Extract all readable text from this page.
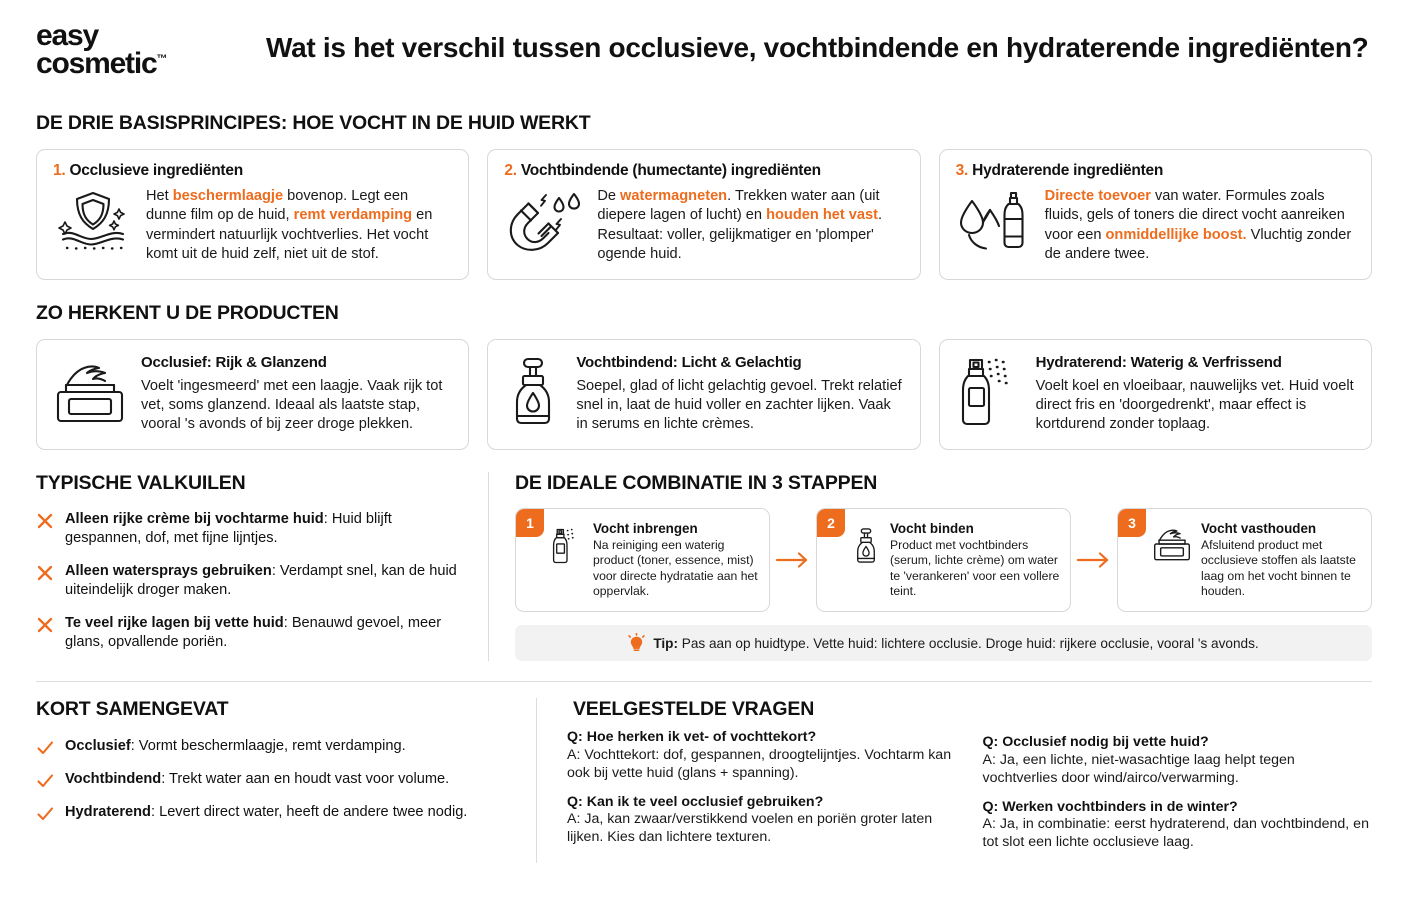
easy
cosmetic™	Wat is het verschil tussen occlusieve, vochtbindende en hydraterende ingrediënten?
DE DRIE BASISPRINCIPES: HOE VOCHT IN DE HUID WERKT
1. Occlusieve ingrediënten
Het beschermlaagje bovenop. Legt een dunne film op de huid, remt verdamping en vermindert natuurlijk vochtverlies. Het vocht komt uit de huid zelf, niet uit de stof.
2. Vochtbindende (humectante) ingrediënten
De watermagneten. Trekken water aan (uit diepere lagen of lucht) en houden het vast. Resultaat: voller, gelijkmatiger en 'plomper' ogende huid.
3. Hydraterende ingrediënten
Directe toevoer van water. Formules zoals fluids, gels of toners die direct vocht aanreiken voor een onmiddellijke boost. Vluchtig zonder de andere twee.
ZO HERKENT U DE PRODUCTEN
Occlusief: Rijk & Glanzend
Voelt 'ingesmeerd' met een laagje. Vaak rijk tot vet, soms glanzend. Ideaal als laatste stap, vooral 's avonds of bij zeer droge plekken.
Vochtbindend: Licht & Gelachtig
Soepel, glad of licht gelachtig gevoel. Trekt relatief snel in, laat de huid voller en zachter lijken. Vaak in serums en lichte crèmes.
Hydraterend: Waterig & Verfrissend
Voelt koel en vloeibaar, nauwelijks vet. Huid voelt direct fris en 'doorgedrenkt', maar effect is kortdurend zonder toplaag.
TYPISCHE VALKUILEN
Alleen rijke crème bij vochtarme huid: Huid blijft gespannen, dof, met fijne lijntjes.
Alleen watersprays gebruiken: Verdampt snel, kan de huid uiteindelijk droger maken.
Te veel rijke lagen bij vette huid: Benauwd gevoel, meer glans, opvallende poriën.
DE IDEALE COMBINATIE IN 3 STAPPEN
1	Vocht inbrengen
Na reiniging een waterig product (toner, essence, mist) voor directe hydratatie aan het oppervlak.
2	Vocht binden
Product met vochtbinders (serum, lichte crème) om water te 'verankeren' voor een vollere teint.
3	Vocht vasthouden
Afsluitend product met occlusieve stoffen als laatste laag om het vocht binnen te houden.
Tip: Pas aan op huidtype. Vette huid: lichtere occlusie. Droge huid: rijkere occlusie, vooral 's avonds.
KORT SAMENGEVAT
Occlusief: Vormt beschermlaagje, remt verdamping.
Vochtbindend: Trekt water aan en houdt vast voor volume.
Hydraterend: Levert direct water, heeft de andere twee nodig.
VEELGESTELDE VRAGEN
Q: Hoe herken ik vet- of vochttekort?
A: Vochttekort: dof, gespannen, droogtelijntjes. Vochtarm kan ook bij vette huid (glans + spanning).
Q: Kan ik te veel occlusief gebruiken?
A: Ja, kan zwaar/verstikkend voelen en poriën groter laten lijken. Kies dan lichtere texturen.
Q: Occlusief nodig bij vette huid?
A: Ja, een lichte, niet-wasachtige laag helpt tegen vochtverlies door wind/airco/verwarming.
Q: Werken vochtbinders in de winter?
A: Ja, in combinatie: eerst hydraterend, dan vochtbindend, en tot slot een lichte occlusieve laag.
